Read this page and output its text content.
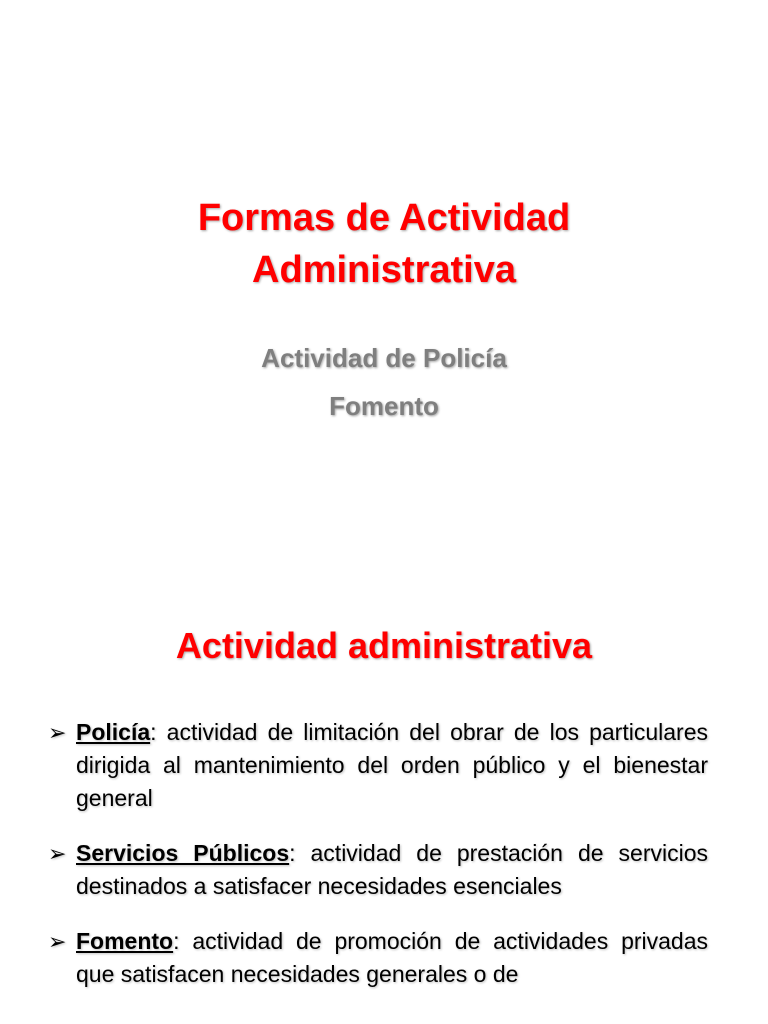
Formas de Actividad
Administrativa
Actividad de Policía
Fomento
Actividad administrativa
➢ Policía: actividad de limitación del obrar de los particulares dirigida al mantenimiento del orden público y el bienestar general
➢ Servicios Públicos: actividad de prestación de servicios destinados a satisfacer necesidades esenciales
➢ Fomento: actividad de promoción de actividades privadas que satisfacen necesidades generales o de
